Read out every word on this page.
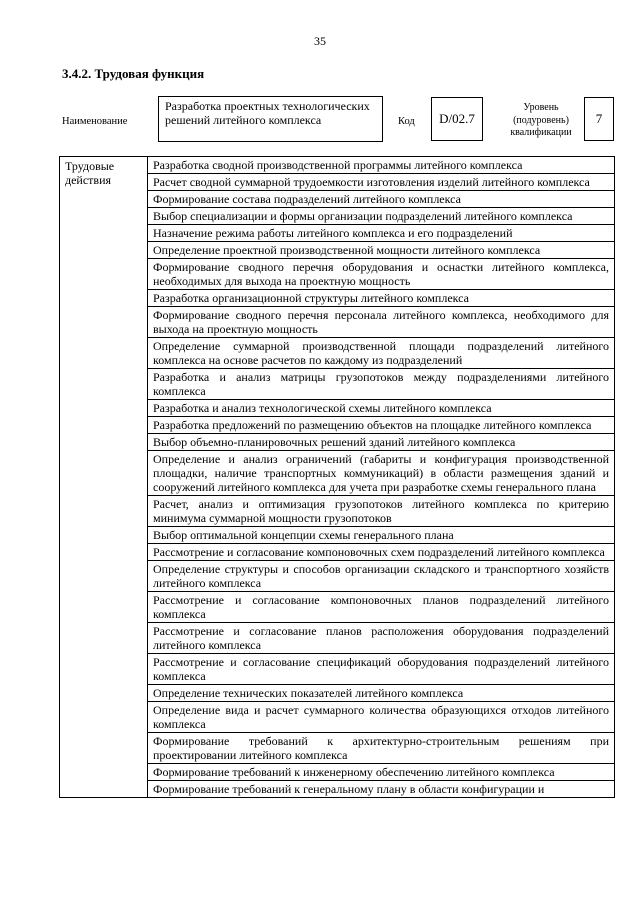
35
3.4.2. Трудовая функция
Наименование
Разработка проектных технологических решений литейного комплекса	Код D/02.7
Уровень (подуровень) квалификации
7
Трудовые действия	Разработка сводной производственной программы литейного комплекса
Расчет сводной суммарной трудоемкости изготовления изделий литейного комплекса
Формирование состава подразделений литейного комплекса
Выбор специализации и формы организации подразделений литейного комплекса
Назначение режима работы литейного комплекса и его подразделений
Определение проектной производственной мощности литейного комплекса
Формирование сводного перечня оборудования и оснастки литейного комплекса, необходимых для выхода на проектную мощность
Разработка организационной структуры литейного комплекса
Формирование сводного перечня персонала литейного комплекса, необходимого для выхода на проектную мощность
Определение суммарной производственной площади подразделений литейного комплекса на основе расчетов по каждому из подразделений
Разработка и анализ матрицы грузопотоков между подразделениями литейного комплекса
Разработка и анализ технологической схемы литейного комплекса
Разработка предложений по размещению объектов на площадке литейного комплекса
Выбор объемно-планировочных решений зданий литейного комплекса
Определение и анализ ограничений (габариты и конфигурация производственной площадки, наличие транспортных коммуникаций) в области размещения зданий и сооружений литейного комплекса для учета при разработке схемы генерального плана
Расчет, анализ и оптимизация грузопотоков литейного комплекса по критерию минимума суммарной мощности грузопотоков
Выбор оптимальной концепции схемы генерального плана
Рассмотрение и согласование компоновочных схем подразделений литейного комплекса
Определение структуры и способов организации складского и транспортного хозяйств литейного комплекса
Рассмотрение и согласование компоновочных планов подразделений литейного комплекса
Рассмотрение и согласование планов расположения оборудования подразделений литейного комплекса
Рассмотрение и согласование спецификаций оборудования подразделений литейного комплекса
Определение технических показателей литейного комплекса
Определение вида и расчет суммарного количества образующихся отходов литейного комплекса
Формирование требований к архитектурно-строительным решениям при проектировании литейного комплекса
Формирование требований к инженерному обеспечению литейного комплекса
Формирование требований к генеральному плану в области конфигурации и
